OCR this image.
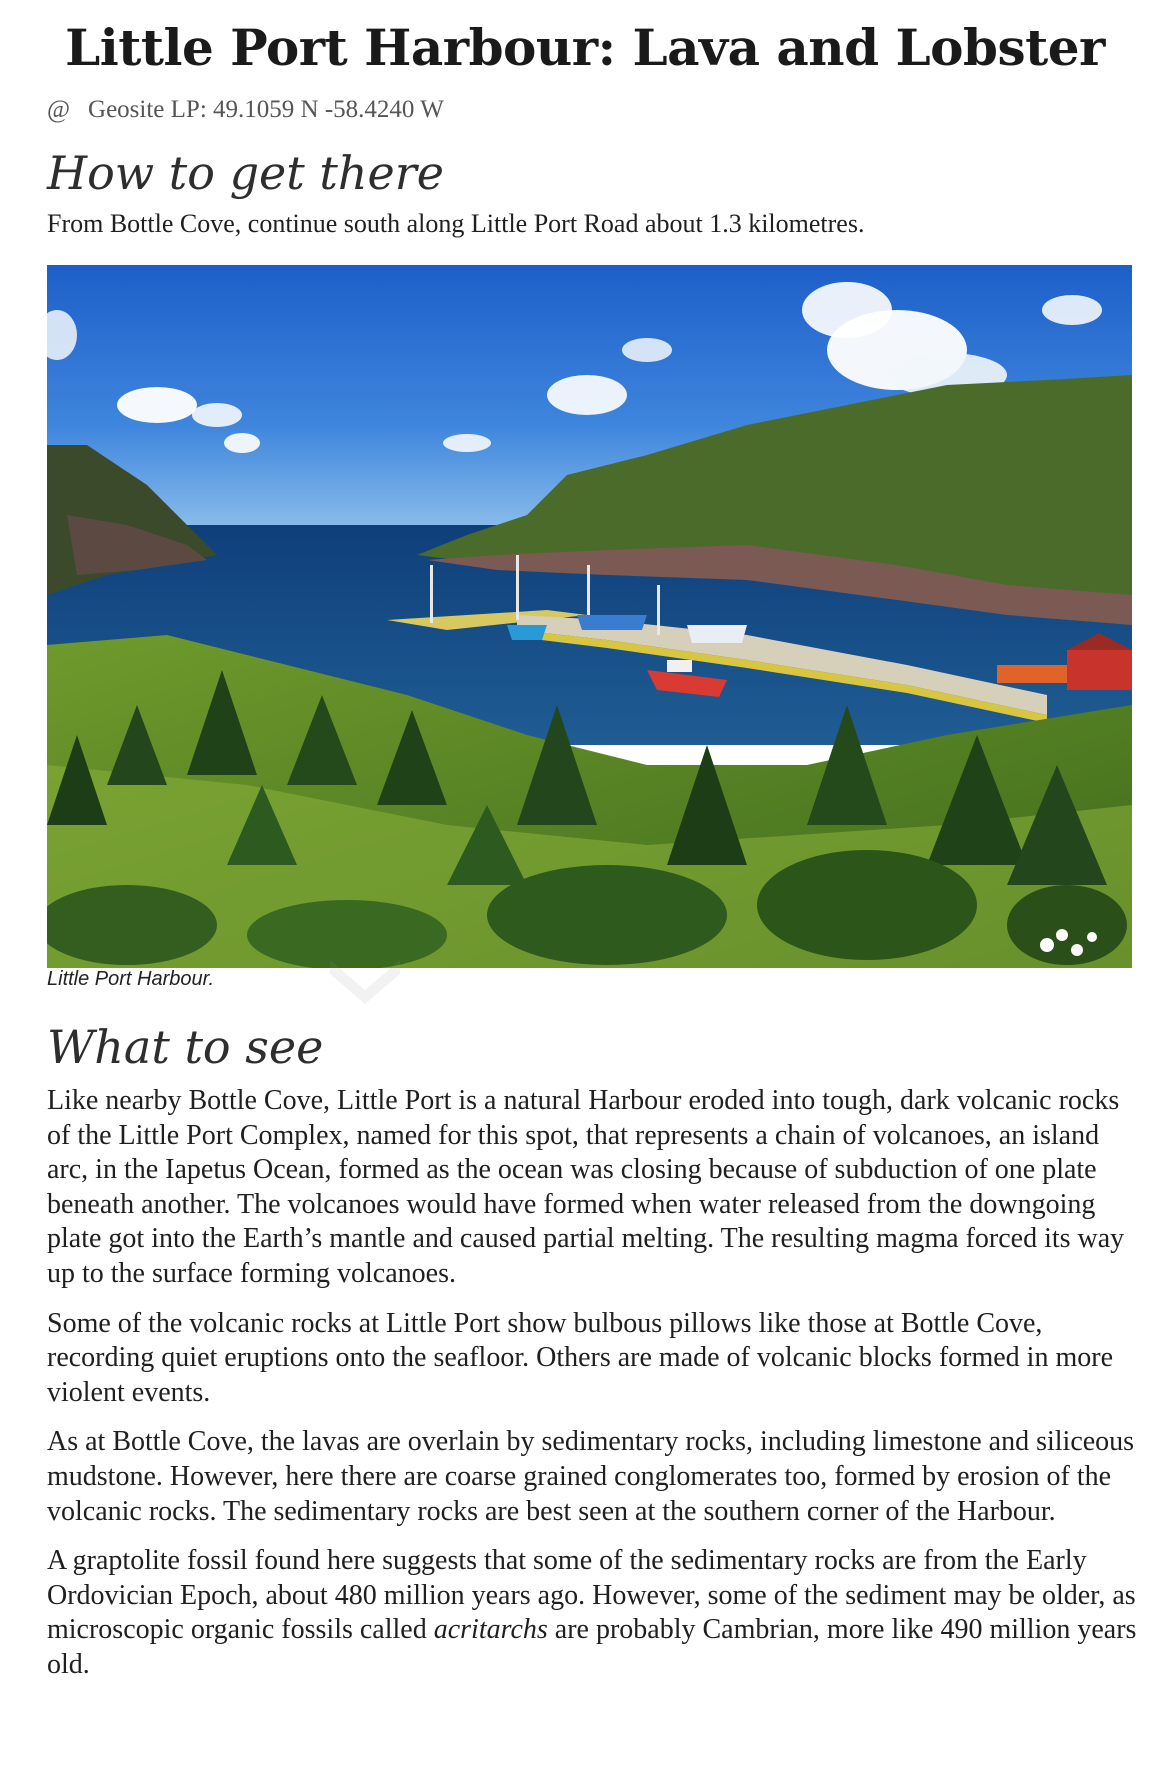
Little Port Harbour: Lava and Lobster
@ Geosite LP: 49.1059 N -58.4240 W
How to get there
From Bottle Cove, continue south along Little Port Road about 1.3 kilometres.
Little Port Harbour.
What to see

Like nearby Bottle Cove, Little Port is a natural Harbour eroded into tough, dark volcanic rocks of the Little Port Complex, named for this spot, that represents a chain of volcanoes, an island arc, in the Iapetus Ocean, formed as the ocean was closing because of subduction of one plate beneath another. The volcanoes would have formed when water released from the downgoing plate got into the Earth’s mantle and caused partial melting. The resulting magma forced its way up to the surface forming volcanoes.

Some of the volcanic rocks at Little Port show bulbous pillows like those at Bottle Cove, recording quiet eruptions onto the seafloor. Others are made of volcanic blocks formed in more violent events.

As at Bottle Cove, the lavas are overlain by sedimentary rocks, including limestone and siliceous mudstone. However, here there are coarse grained conglomerates too, formed by erosion of the volcanic rocks. The sedimentary rocks are best seen at the southern corner of the Harbour.

A graptolite fossil found here suggests that some of the sedimentary rocks are from the Early Ordovician Epoch, about 480 million years ago. However, some of the sediment may be older, as microscopic organic fossils called acritarchs are probably Cambrian, more like 490 million years old.
